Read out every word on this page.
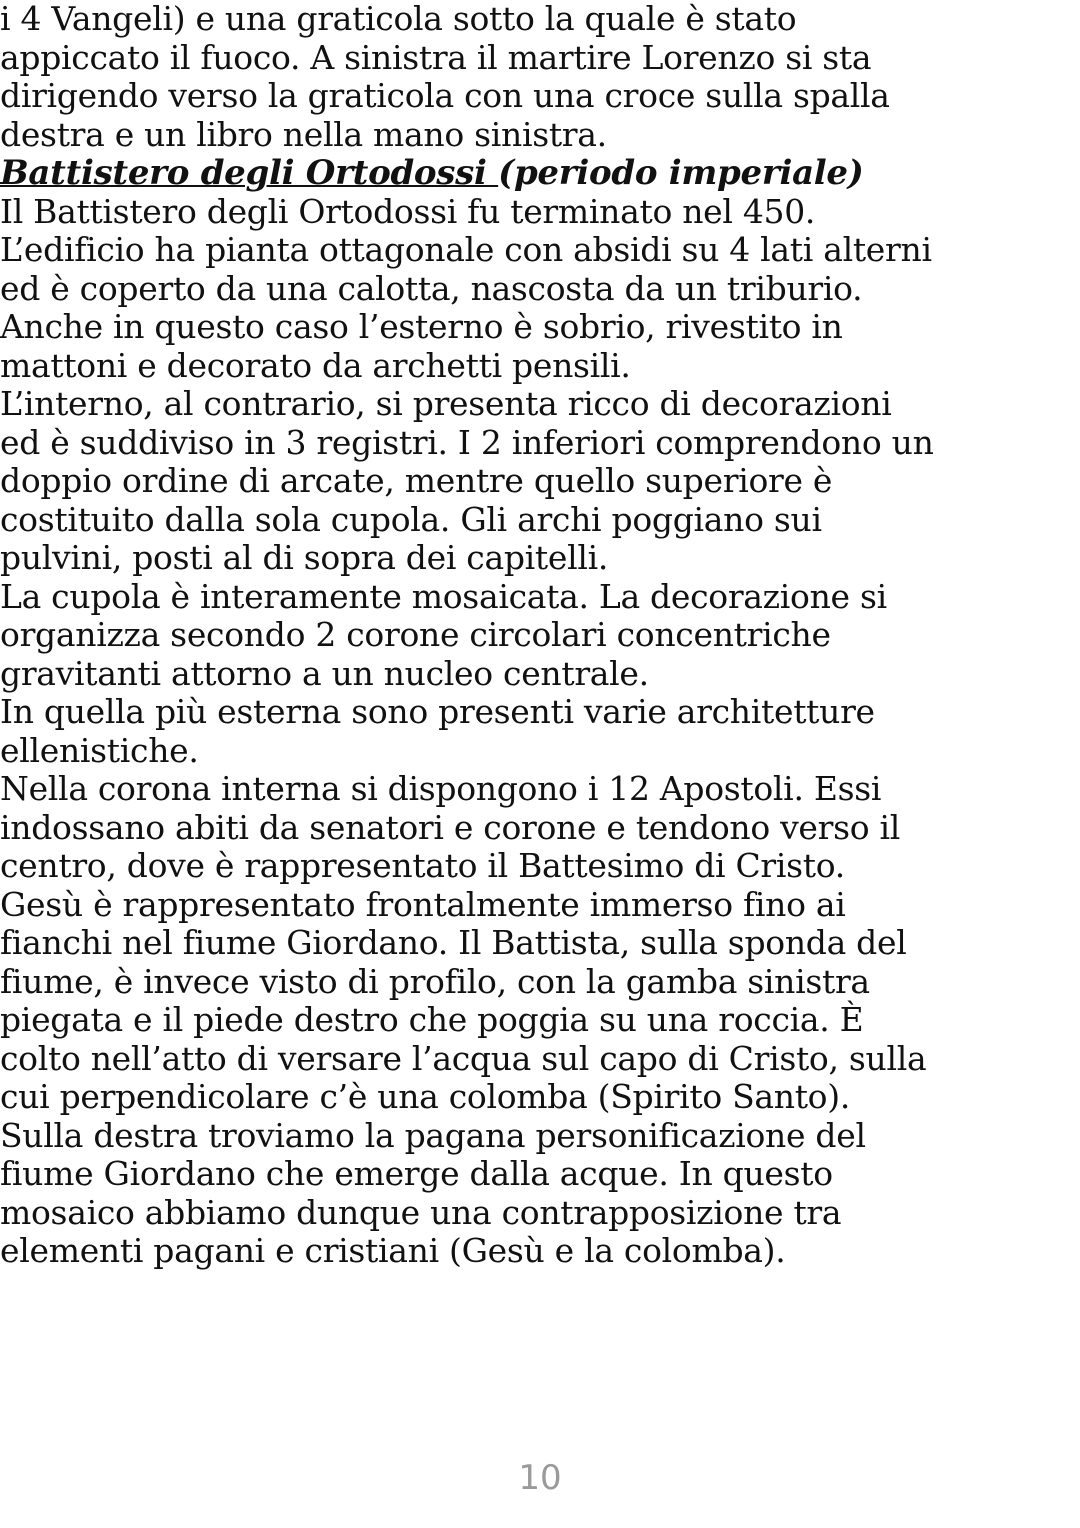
i 4 Vangeli) e una graticola sotto la quale è stato
appiccato il fuoco. A sinistra il martire Lorenzo si sta
dirigendo verso la graticola con una croce sulla spalla
destra e un libro nella mano sinistra.
Battistero degli Ortodossi (periodo imperiale)
Il Battistero degli Ortodossi fu terminato nel 450.
L’edificio ha pianta ottagonale con absidi su 4 lati alterni
ed è coperto da una calotta, nascosta da un triburio.
Anche in questo caso l’esterno è sobrio, rivestito in
mattoni e decorato da archetti pensili.
L’interno, al contrario, si presenta ricco di decorazioni
ed è suddiviso in 3 registri. I 2 inferiori comprendono un
doppio ordine di arcate, mentre quello superiore è
costituito dalla sola cupola. Gli archi poggiano sui
pulvini, posti al di sopra dei capitelli.
La cupola è interamente mosaicata. La decorazione si
organizza secondo 2 corone circolari concentriche
gravitanti attorno a un nucleo centrale.
In quella più esterna sono presenti varie architetture
ellenistiche.
Nella corona interna si dispongono i 12 Apostoli. Essi
indossano abiti da senatori e corone e tendono verso il
centro, dove è rappresentato il Battesimo di Cristo.
Gesù è rappresentato frontalmente immerso fino ai
fianchi nel fiume Giordano. Il Battista, sulla sponda del
fiume, è invece visto di profilo, con la gamba sinistra
piegata e il piede destro che poggia su una roccia. È
colto nell’atto di versare l’acqua sul capo di Cristo, sulla
cui perpendicolare c’è una colomba (Spirito Santo).
Sulla destra troviamo la pagana personificazione del
fiume Giordano che emerge dalla acque. In questo
mosaico abbiamo dunque una contrapposizione tra
elementi pagani e cristiani (Gesù e la colomba).
10
